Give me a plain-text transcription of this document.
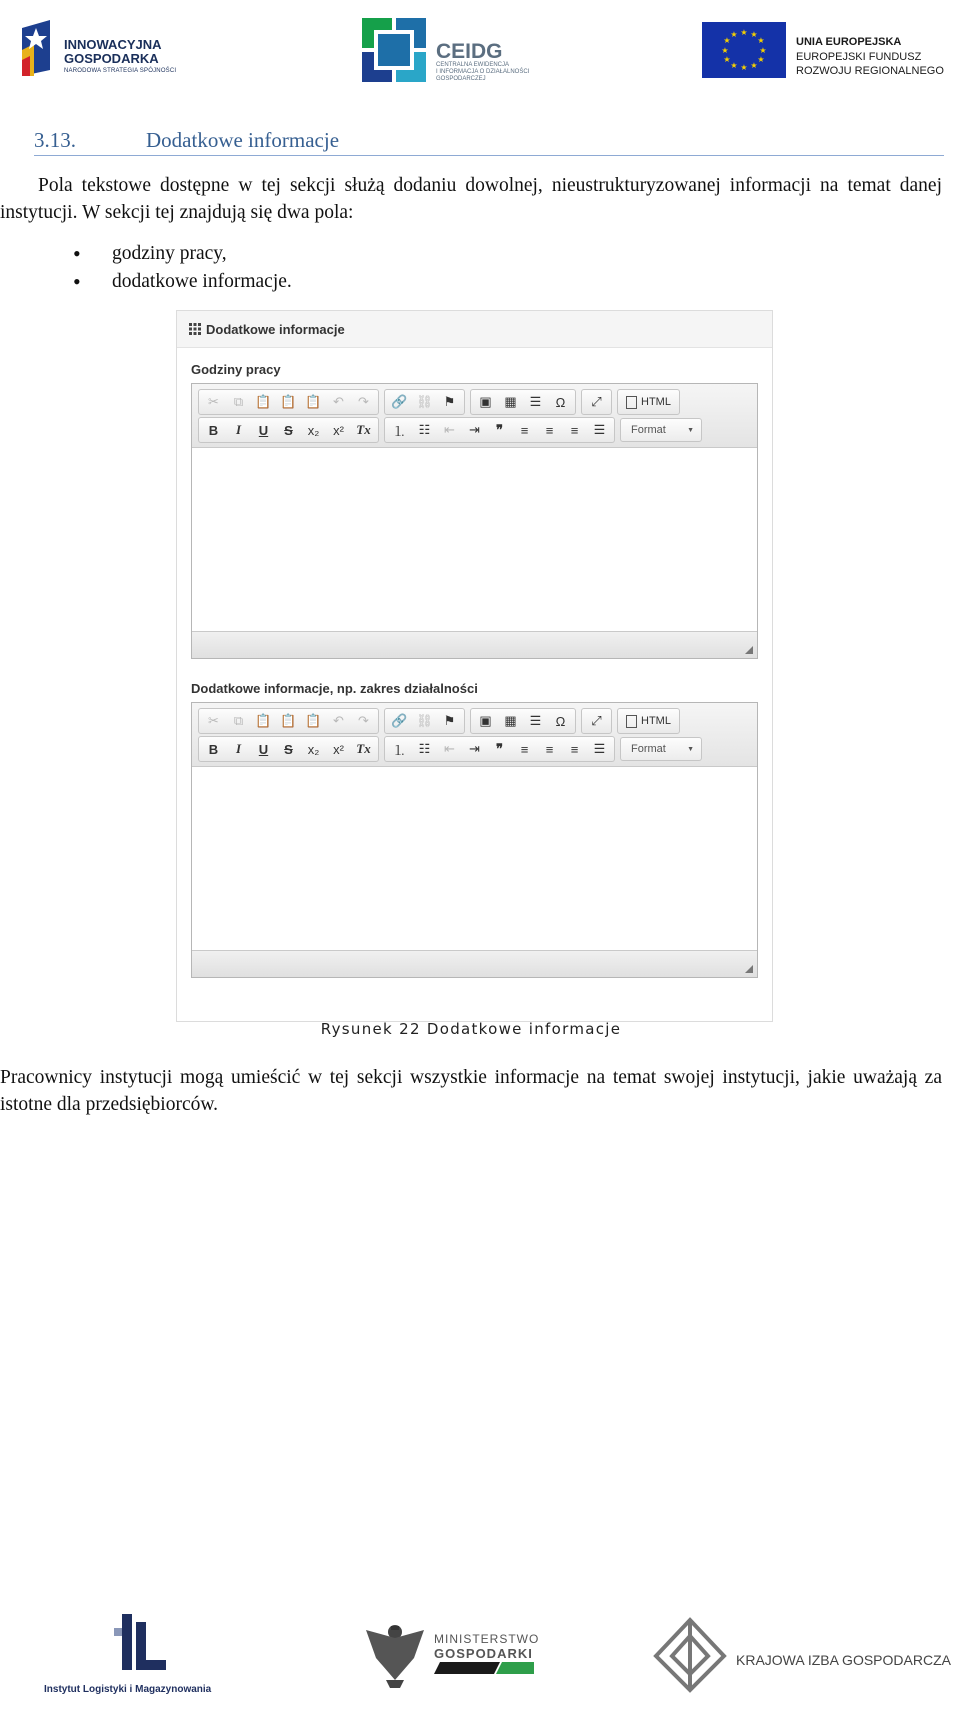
INNOWACYJNA
GOSPODARKA
NARODOWA STRATEGIA SPÓJNOŚCI
CEIDG
CENTRALNA EWIDENCJA
I INFORMACJA O DZIAŁALNOŚCI
GOSPODARCZEJ
★ ★
★
★
★
★
★
★
★
★
★
★
UNIA EUROPEJSKA
EUROPEJSKI FUNDUSZ
ROZWOJU REGIONALNEGO
3.13.	Dodatkowe informacje
Pola tekstowe dostępne w tej sekcji służą dodaniu dowolnej, nieustrukturyzowanej informacji na temat danej instytucji. W sekcji tej znajdują się dwa pola:
• godziny pracy,
• dodatkowe informacje.
Dodatkowe informacje
Godziny pracy
✂	⧉ 📋 📋 📋 ↶	↷	🔗 ⛓ ⚑	▣ ▦	☰	Ω	⤢	HTML
B	I	U	S	x₂	x² Tx	⒈ ☷	⇤	⇥	❞	≡	≡	≡	☰	Format	▼
Dodatkowe informacje, np. zakres działalności
✂	⧉ 📋 📋 📋 ↶	↷	🔗 ⛓ ⚑	▣ ▦	☰	Ω	⤢	HTML
B	I	U	S	x₂	x² Tx	⒈ ☷	⇤	⇥	❞	≡	≡	≡	☰	Format	▼
Rysunek 22 Dodatkowe informacje
Pracownicy instytucji mogą umieścić w tej sekcji wszystkie informacje na temat swojej instytucji, jakie uważają za istotne dla przedsiębiorców.
Instytut Logistyki i Magazynowania
MINISTERSTWO
GOSPODARKI	KRAJOWA IZBA GOSPODARCZA
